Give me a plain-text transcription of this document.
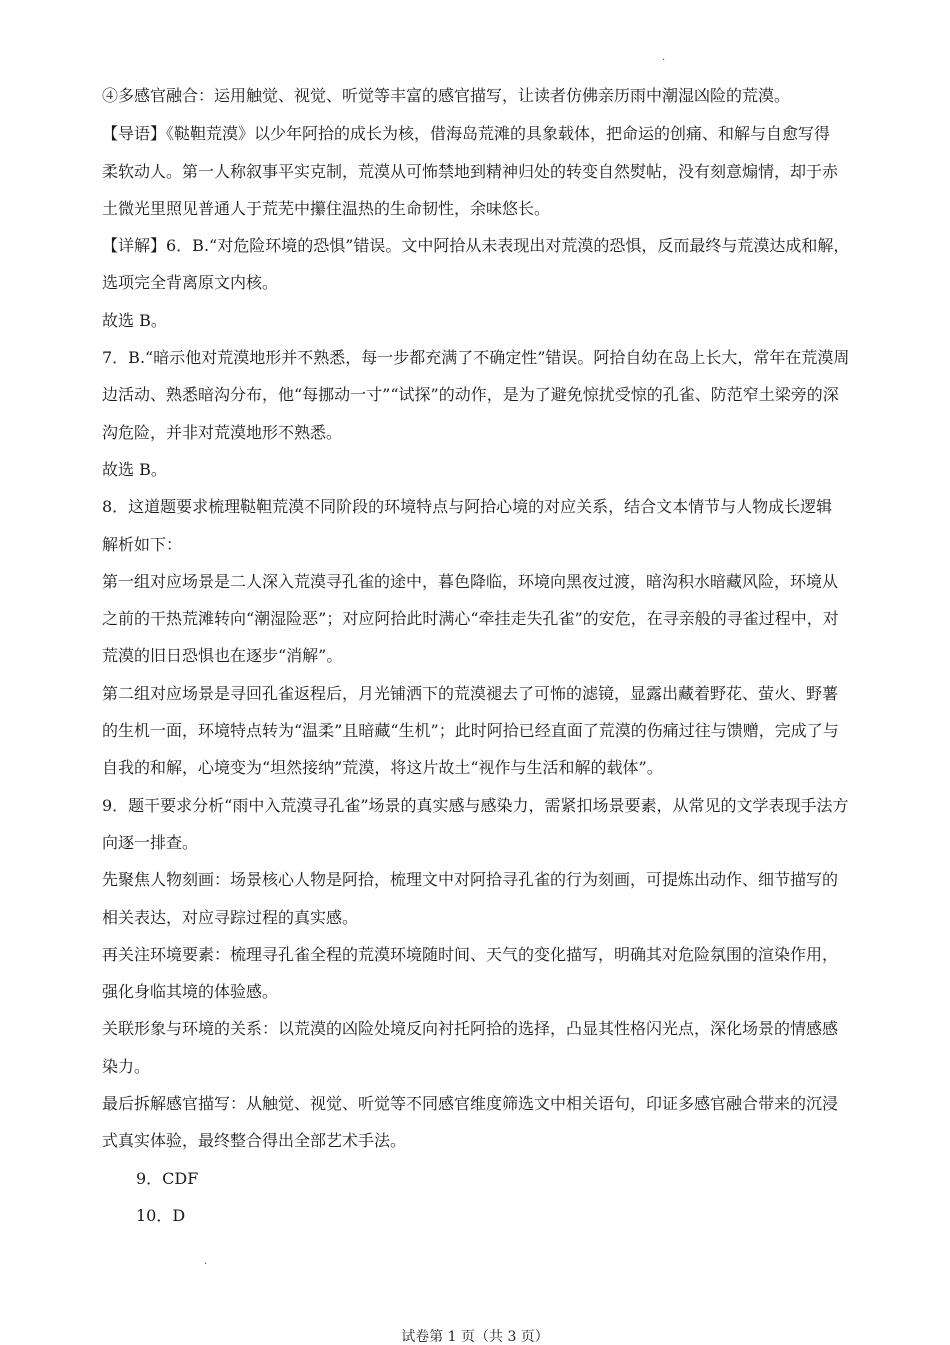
·
④多感官融合：运用触觉、视觉、听觉等丰富的感官描写，让读者仿佛亲历雨中潮湿凶险的荒漠。
【导语】《鞑靼荒漠》以少年阿拾的成长为核，借海岛荒滩的具象载体，把命运的创痛、和解与自愈写得
柔软动人。第一人称叙事平实克制，荒漠从可怖禁地到精神归处的转变自然熨帖，没有刻意煽情，却于赤
土微光里照见普通人于荒芜中攥住温热的生命韧性，余味悠长。
【详解】6．B.“对危险环境的恐惧”错误。文中阿拾从未表现出对荒漠的恐惧，反而最终与荒漠达成和解，
选项完全背离原文内核。
故选 B。
7．B.“暗示他对荒漠地形并不熟悉，每一步都充满了不确定性”错误。阿拾自幼在岛上长大，常年在荒漠周
边活动、熟悉暗沟分布，他“每挪动一寸”“试探”的动作，是为了避免惊扰受惊的孔雀、防范窄土梁旁的深
沟危险，并非对荒漠地形不熟悉。
故选 B。
8．这道题要求梳理鞑靼荒漠不同阶段的环境特点与阿拾心境的对应关系，结合文本情节与人物成长逻辑
解析如下：
第一组对应场景是二人深入荒漠寻孔雀的途中，暮色降临，环境向黑夜过渡，暗沟积水暗藏风险，环境从
之前的干热荒滩转向“潮湿险恶”；对应阿拾此时满心“牵挂走失孔雀”的安危，在寻亲般的寻雀过程中，对
荒漠的旧日恐惧也在逐步“消解”。
第二组对应场景是寻回孔雀返程后，月光铺洒下的荒漠褪去了可怖的滤镜，显露出藏着野花、萤火、野薯
的生机一面，环境特点转为“温柔”且暗藏“生机”；此时阿拾已经直面了荒漠的伤痛过往与馈赠，完成了与
自我的和解，心境变为“坦然接纳”荒漠，将这片故土“视作与生活和解的载体”。
9．题干要求分析“雨中入荒漠寻孔雀”场景的真实感与感染力，需紧扣场景要素，从常见的文学表现手法方
向逐一排查。
先聚焦人物刻画：场景核心人物是阿拾，梳理文中对阿拾寻孔雀的行为刻画，可提炼出动作、细节描写的
相关表达，对应寻踪过程的真实感。
再关注环境要素：梳理寻孔雀全程的荒漠环境随时间、天气的变化描写，明确其对危险氛围的渲染作用，
强化身临其境的体验感。
关联形象与环境的关系：以荒漠的凶险处境反向衬托阿拾的选择，凸显其性格闪光点，深化场景的情感感
染力。
最后拆解感官描写：从触觉、视觉、听觉等不同感官维度筛选文中相关语句，印证多感官融合带来的沉浸
式真实体验，最终整合得出全部艺术手法。
9．CDF
10．D
·
试卷第 1 页（共 3 页）
